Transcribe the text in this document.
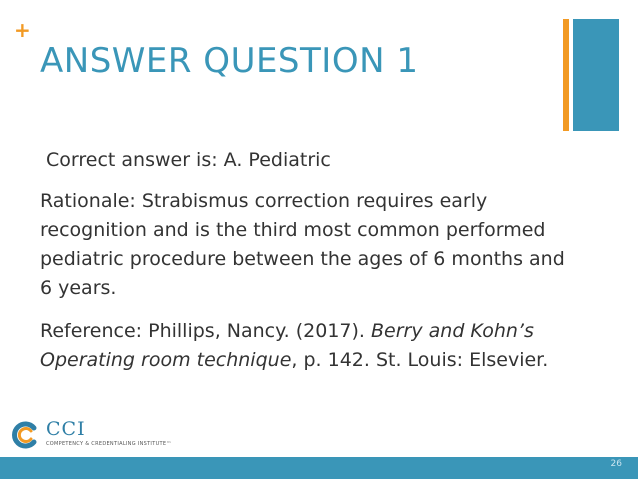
+
ANSWER QUESTION 1

Correct answer is: A. Pediatric

Rationale: Strabismus correction requires early recognition and is the third most common performed pediatric procedure between the ages of 6 months and 6 years.

Reference: Phillips, Nancy. (2017). Berry and Kohn’s Operating room technique, p. 142. St. Louis: Elsevier.

CCI
COMPETENCY & CREDENTIALING INSTITUTE™
26
